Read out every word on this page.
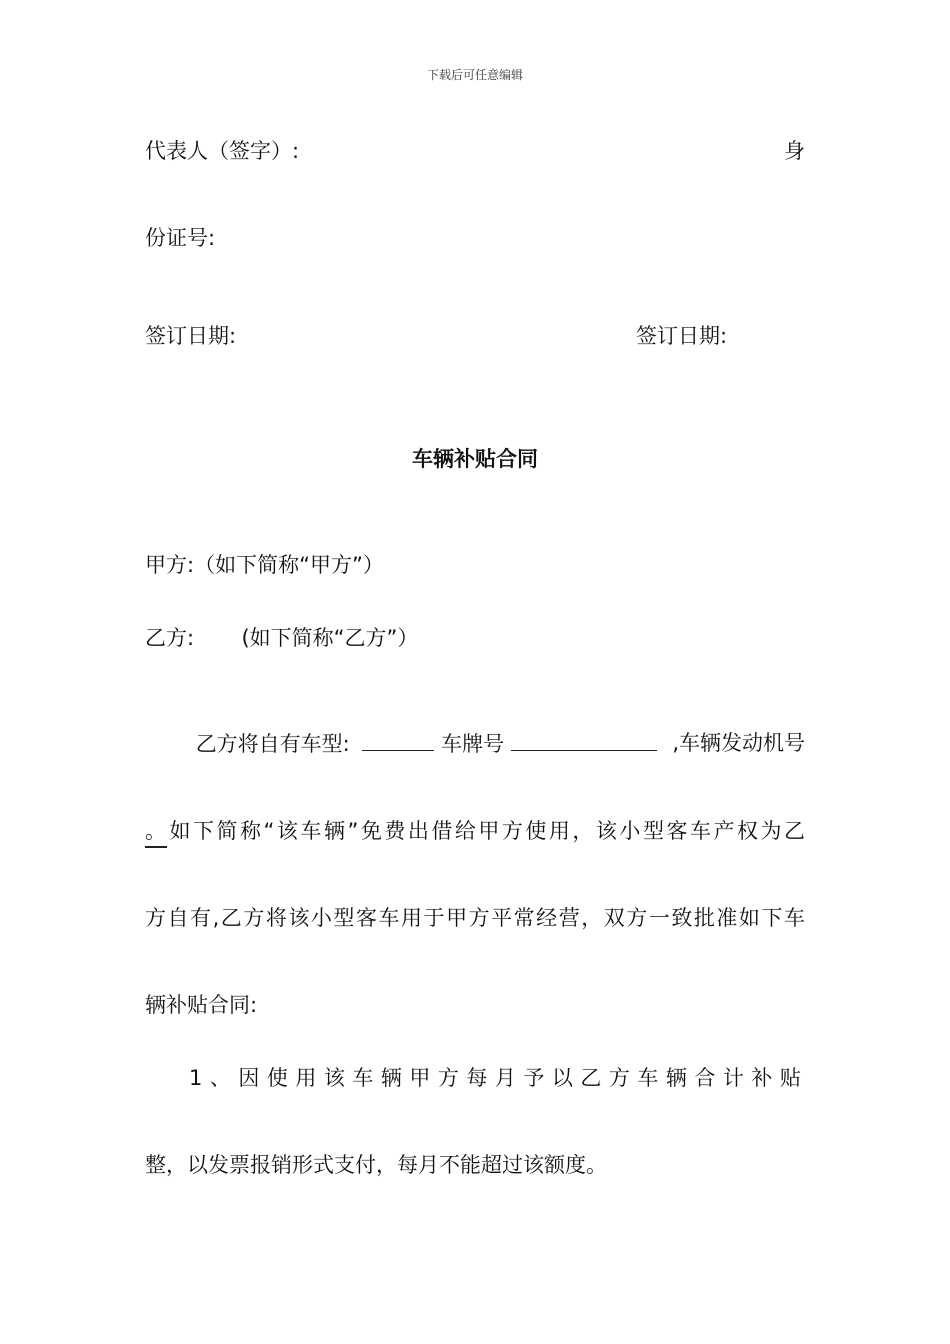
下载后可任意编辑
代表人（签字）:	身
份证号:
签订日期:	签订日期:
车辆补贴合同
甲方:（如下简称“甲方”）
乙方: (如下简称“乙方”）
乙方将自有车型:	车牌号	,车辆发动机号
。如下简称“该车辆”免费出借给甲方使用，该小型客车产权为乙
方自有,乙方将该小型客车用于甲方平常经营，双方一致批准如下车
辆补贴合同:
1、因使用该车辆甲方每月予以乙方车辆合计补贴
整，以发票报销形式支付，每月不能超过该额度。
